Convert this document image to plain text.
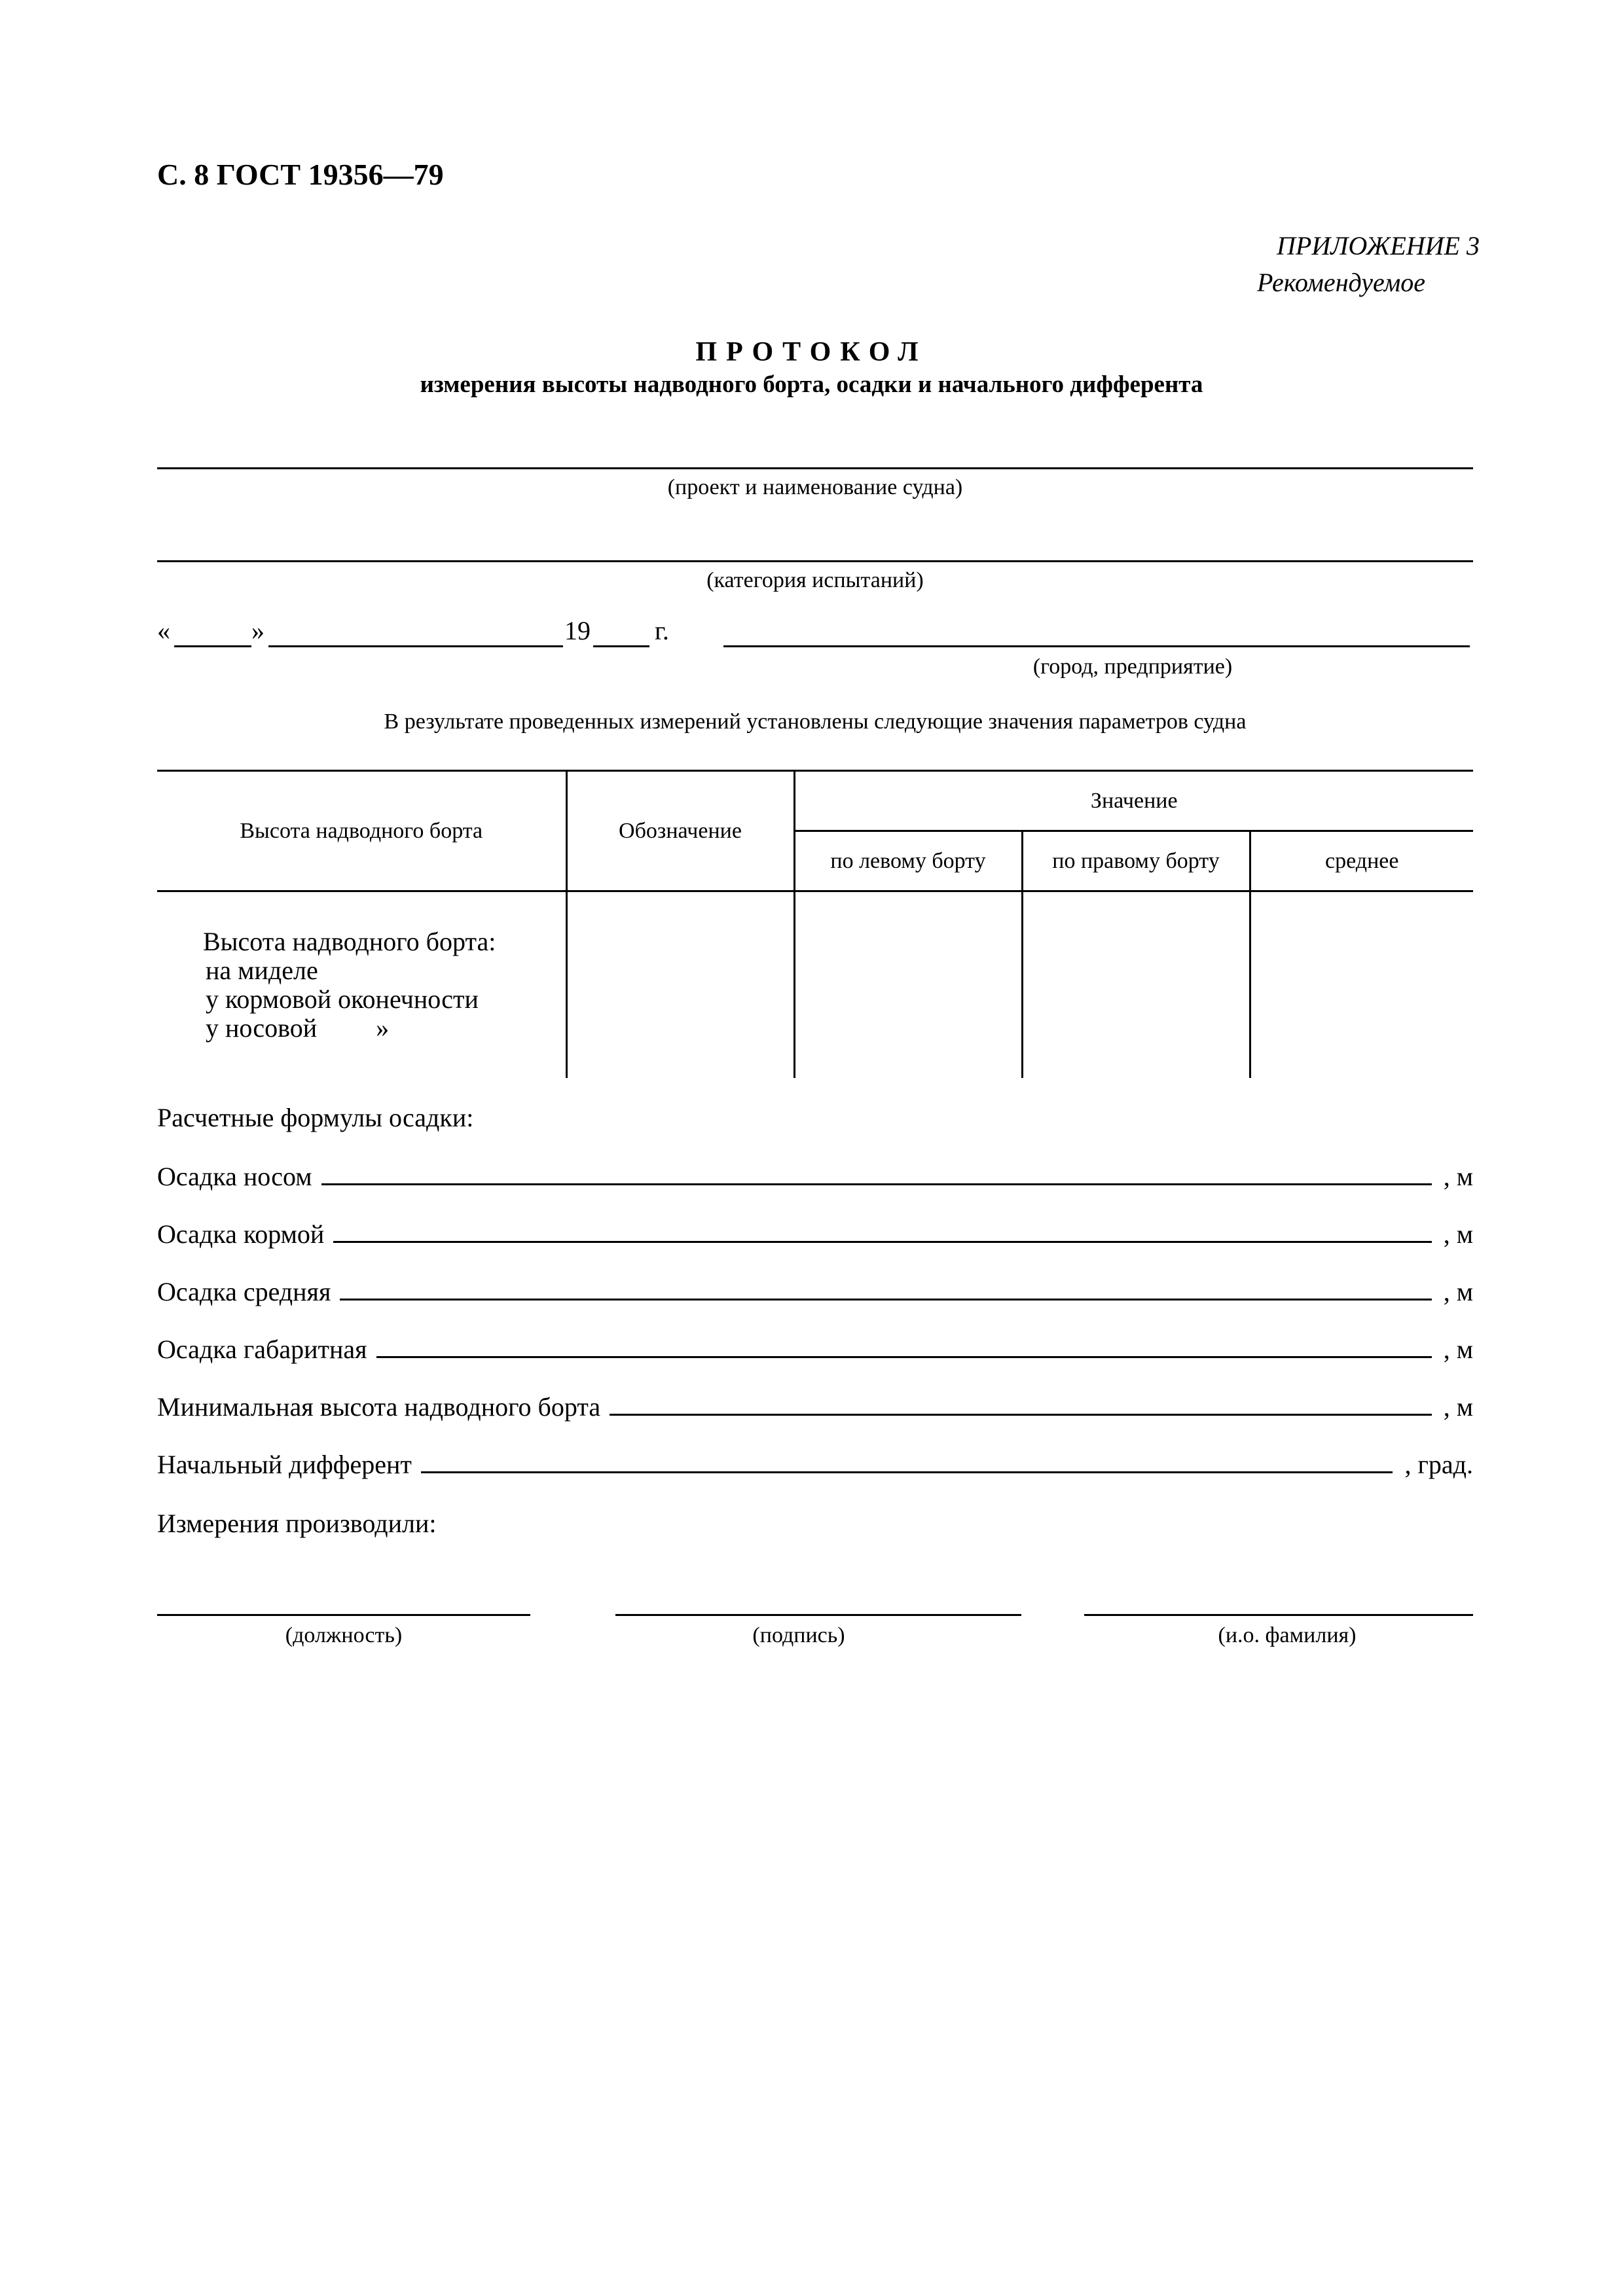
С. 8 ГОСТ 19356—79
ПРИЛОЖЕНИЕ 3
Рекомендуемое
ПРОТОКОЛ
измерения высоты надводного борта, осадки и начального дифферента
(проект и наименование судна)
(категория испытаний)
«	»	19 г.
(город, предприятие)
В результате проведенных измерений установлены следующие значения параметров судна
Высота надводного борта	Обозначение	Значение		
		по левому борту	по правому борту	среднее

Высота надводного борта:
на миделе
у кормовой оконечности
у носовой         »				

Расчетные формулы осадки:
Осадка носом	, м
Осадка кормой	, м
Осадка средняя	, м
Осадка габаритная	, м
Минимальная высота надводного борта	, м
Начальный дифферент	, град.
Измерения производили:
(должность)	(подпись)	(и.о. фамилия)
